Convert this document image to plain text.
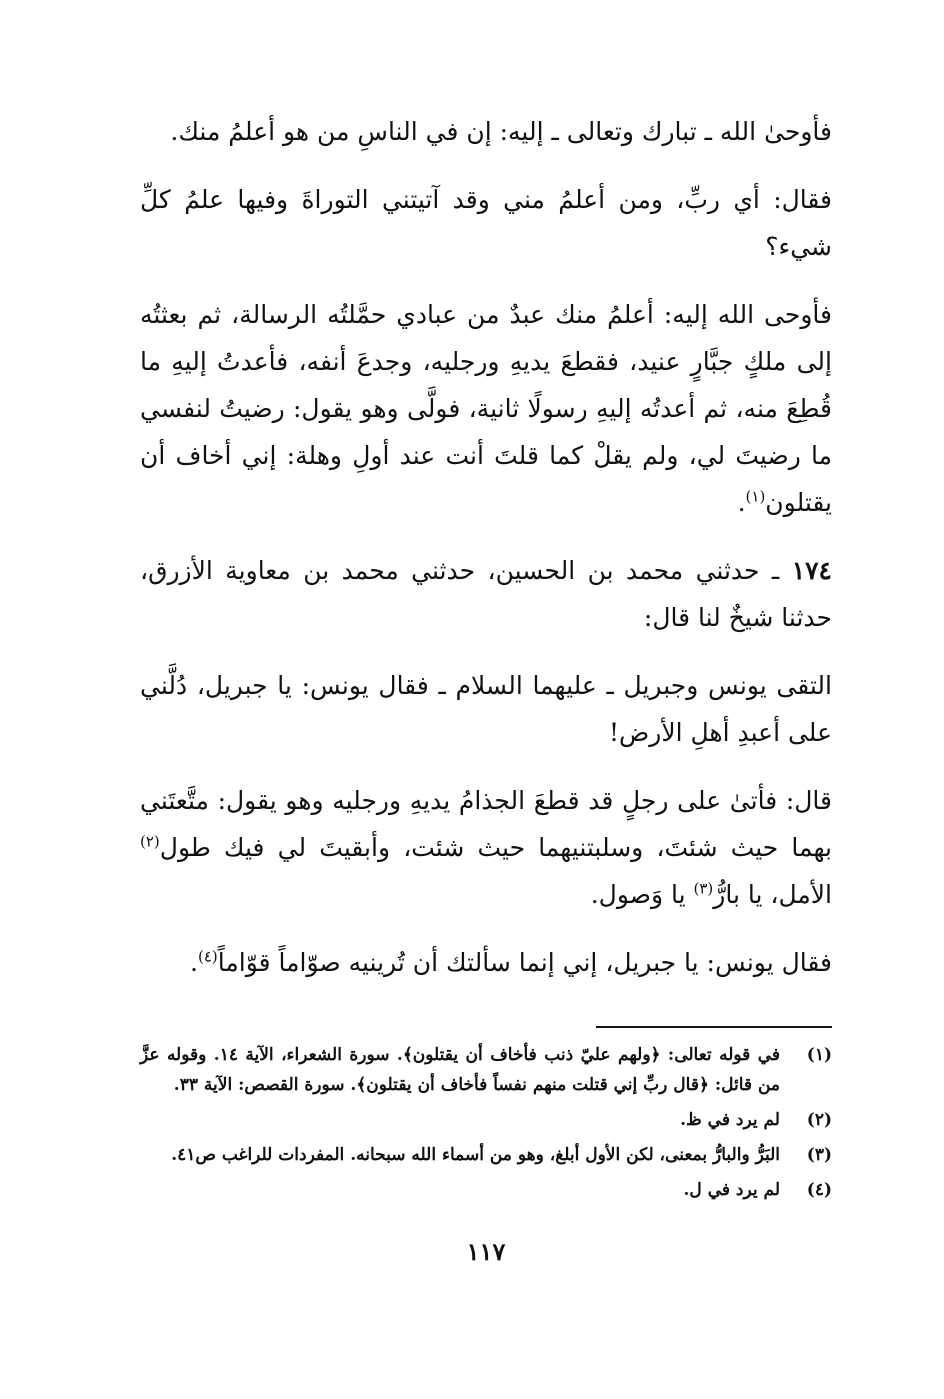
فأوحىٰ الله ـ تبارك وتعالى ـ إليه: إن في الناسِ من هو أعلمُ منك.

فقال: أي ربِّ، ومن أعلمُ مني وقد آتيتني التوراةَ وفيها علمُ كلِّ شيء؟

فأوحى الله إليه: أعلمُ منك عبدٌ من عبادي حمَّلتُه الرسالة، ثم بعثتُه إلى ملكٍ جبَّارٍ عنيد، فقطعَ يديهِ ورجليه، وجدعَ أنفه، فأعدتُ إليهِ ما قُطِعَ منه، ثم أعدتُه إليهِ رسولًا ثانية، فولَّى وهو يقول: رضيتُ لنفسي ما رضيتَ لي، ولم يقلْ كما قلتَ أنت عند أولِ وهلة: إني أخاف أن يقتلون$^{(١)}$.

١٧٤ ـ حدثني محمد بن الحسين، حدثني محمد بن معاوية الأزرق، حدثنا شيخٌ لنا قال:

التقى يونس وجبريل ـ عليهما السلام ـ فقال يونس: يا جبريل، دُلَّني على أعبدِ أهلِ الأرض!

قال: فأتىٰ على رجلٍ قد قطعَ الجذامُ يديهِ ورجليه وهو يقول: متَّعتَني بهما حيث شئتَ، وسلبتنيهما حيث شئت، وأبقيتَ لي فيك طول$^{(٢)}$ الأمل، يا بارُّ$^{(٣)}$ يا وَصول.

فقال يونس: يا جبريل، إني إنما سألتك أن تُرينيه صوّاماً قوّاماً$^{(٤)}$.

(١)
في قوله تعالى: ﴿ولهم عليّ ذنب فأخاف أن يقتلون﴾. سورة الشعراء، الآية ١٤. وقوله عزَّ من قائل: ﴿قال ربِّ إني قتلت منهم نفساً فأخاف أن يقتلون﴾. سورة القصص: الآية ٣٣.
(٢)
لم يرد في ظ.
(٣)
البَرُّ والبارُّ بمعنى، لكن الأول أبلغ، وهو من أسماء الله سبحانه. المفردات للراغب ص٤١.
(٤)
لم يرد في ل.
١١٧
